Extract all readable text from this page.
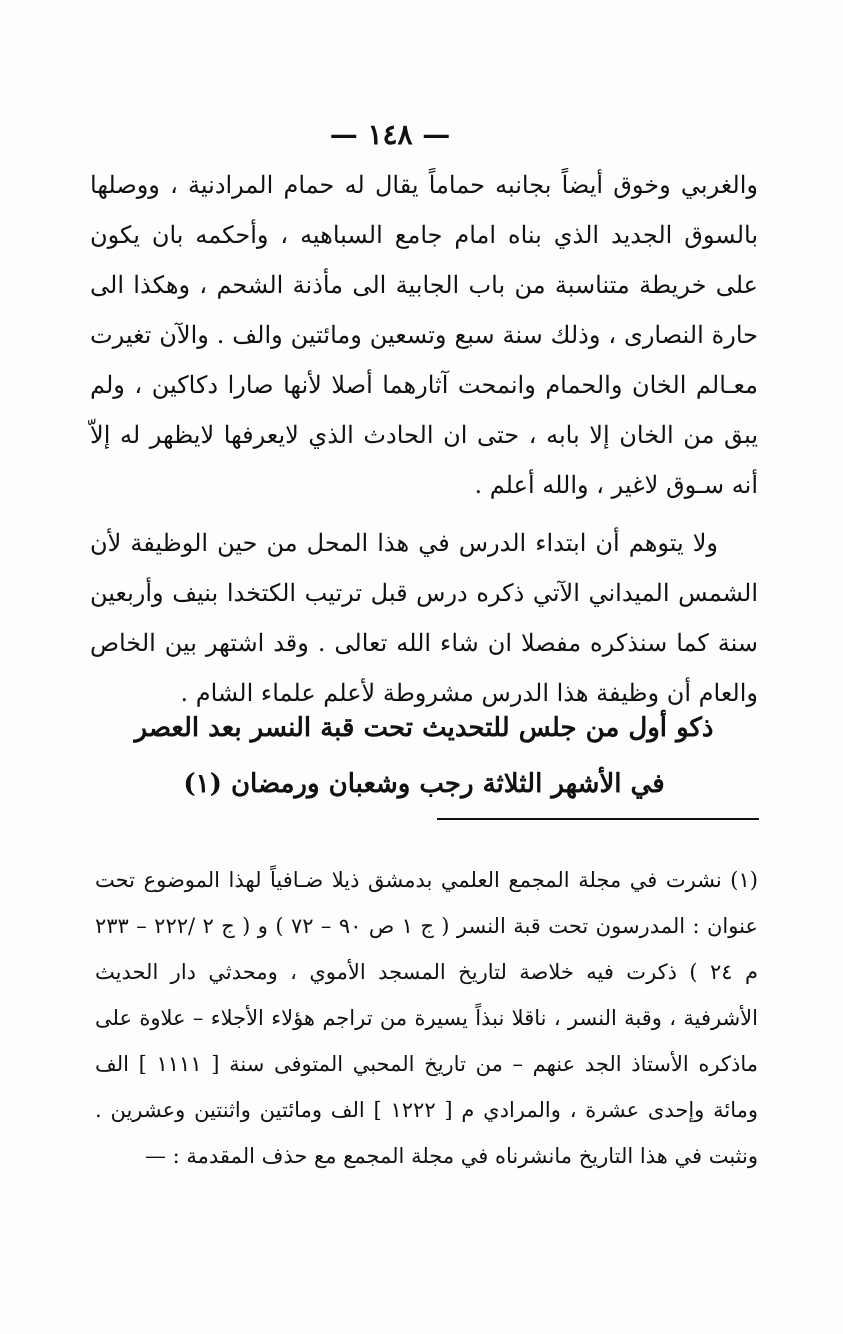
— ١٤٨ —

والغربي وخوق أيضاً بجانبه حماماً يقال له حمام المرادنية ، ووصلها بالسوق الجديد الذي بناه امام جامع السباهيه ، وأحكمه بان يكون على خريطة متناسبة من باب الجابية الى مأذنة الشحم ، وهكذا الى حارة النصارى ، وذلك سنة سبع وتسعين ومائتين والف . والآن تغيرت معـالم الخان والحمام وانمحت آثارهما أصلا لأنها صارا دكاكين ، ولم يبق من الخان إلا بابه ، حتى ان الحادث الذي لايعرفها لايظهر له إلاّ أنه سـوق لاغير ، والله أعلم .

ولا يتوهم أن ابتداء الدرس في هذا المحل من حين الوظيفة لأن الشمس الميداني الآتي ذكره درس قبل ترتيب الكتخدا بنيف وأربعين سنة كما سنذكره مفصلا ان شاء الله تعالى . وقد اشتهر بين الخاص والعام أن وظيفة هذا الدرس مشروطة لأعلم علماء الشام .

ذكو أول من جلس للتحديث تحت قبة النسر بعد العصر
في الأشهر الثلاثة رجب وشعبان ورمضان (١)

(١) نشرت في مجلة المجمع العلمي بدمشق ذيلا ضـافياً لهذا الموضوع تحت عنوان : المدرسون تحت قبة النسر ( ج ١ ص ٩٠ – ٧٢ ) و ( ج ٢ /٢٢٢ – ٢٣٣ م ٢٤ ) ذكرت فيه خلاصة لتاريخ المسجد الأموي ، ومحدثي دار الحديث الأشرفية ، وقبة النسر ، ناقلا نبذاً يسيرة من تراجم هؤلاء الأجلاء – علاوة على ماذكره الأستاذ الجد عنهم – من تاريخ المحبي المتوفى سنة [ ١١١١ ] الف ومائة وإحدى عشرة ، والمرادي م [ ١٢٢٢ ] الف ومائتين واثنتين وعشرين . ونثبت في هذا التاريخ مانشرناه في مجلة المجمع مع حذف المقدمة : —
